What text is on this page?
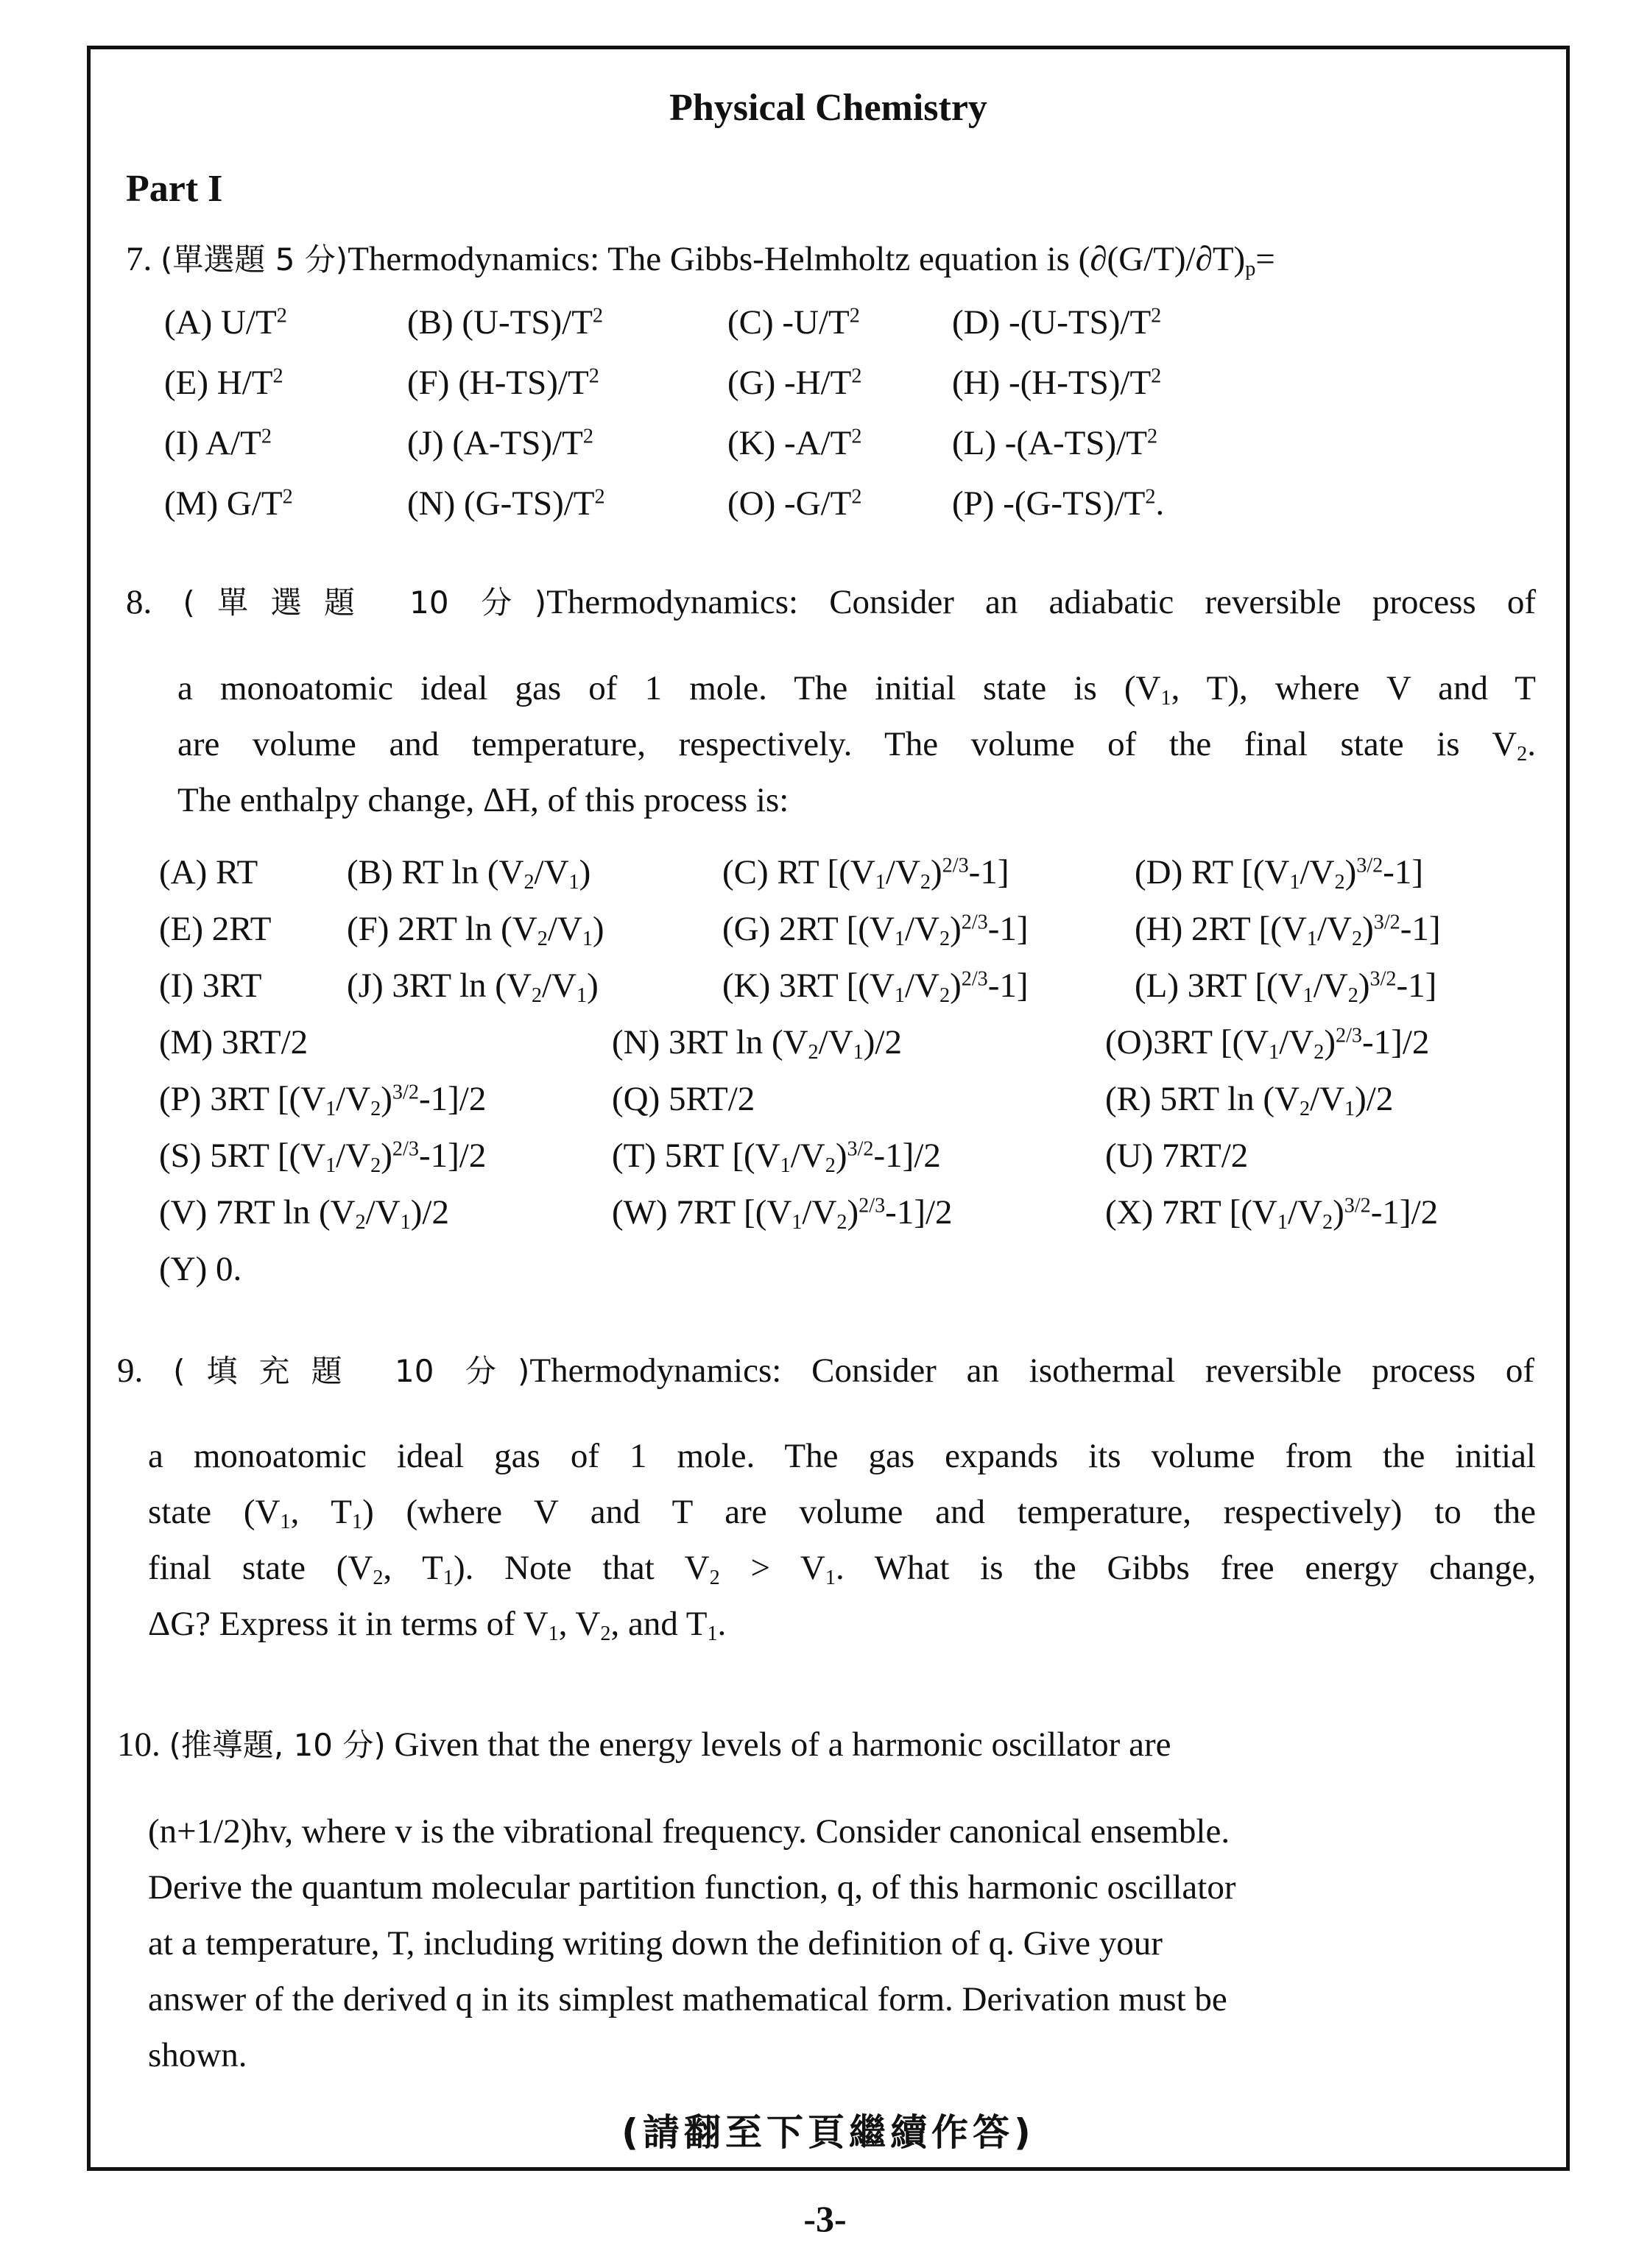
Physical Chemistry
Part I
7. (單選題 5 分)Thermodynamics: The Gibbs-Helmholtz equation is $(\partial(G/T)/\partial T)_p=$
(A) $U/T^2$	(B) $(U-TS)/T^2$	(C) $-U/T^2$	(D) $-(U-TS)/T^2$
(E) $H/T^2$	(F) $(H-TS)/T^2$	(G) $-H/T^2$	(H) $-(H-TS)/T^2$
(I) $A/T^2$	(J) $(A-TS)/T^2$	(K) $-A/T^2$	(L) $-(A-TS)/T^2$
(M) $G/T^2$	(N) $(G-TS)/T^2$	(O) $-G/T^2$	(P) $-(G-TS)/T^2$.
8. (單選題 10 分)Thermodynamics: Consider an adiabatic reversible process of
a monoatomic ideal gas of 1 mole. The initial state is ($V_1$, T), where V and T
are volume and temperature, respectively. The volume of the final state is $V_2$.
The enthalpy change, ΔH, of this process is:
(A) RT	(B) RT $\ln (V_2/V_1)$	(C) RT $[(V_1/V_2)^{2/3}-1]$	(D) RT $[(V_1/V_2)^{3/2}-1]$
(E) 2RT	(F) 2RT $\ln (V_2/V_1)$	(G) 2RT $[(V_1/V_2)^{2/3}-1]$	(H) 2RT $[(V_1/V_2)^{3/2}-1]$
(I) 3RT	(J) 3RT $\ln (V_2/V_1)$	(K) 3RT $[(V_1/V_2)^{2/3}-1]$	(L) 3RT $[(V_1/V_2)^{3/2}-1]$
(M) 3RT/2	(N) 3RT $\ln (V_2/V_1)/2$	(O)3RT $[(V_1/V_2)^{2/3}-1]/2$
(P) 3RT $[(V_1/V_2)^{3/2}-1]/2$	(Q) 5RT/2	(R) 5RT $\ln (V_2/V_1)/2$
(S) 5RT $[(V_1/V_2)^{2/3}-1]/2$	(T) 5RT $[(V_1/V_2)^{3/2}-1]/2$	(U) 7RT/2
(V) 7RT $\ln (V_2/V_1)/2$	(W) 7RT $[(V_1/V_2)^{2/3}-1]/2$	(X) 7RT $[(V_1/V_2)^{3/2}-1]/2$
(Y) 0.
9. (填充題 10 分)Thermodynamics: Consider an isothermal reversible process of
a monoatomic ideal gas of 1 mole. The gas expands its volume from the initial
state ($V_1$, $T_1$) (where V and T are volume and temperature, respectively) to the
final state ($V_2$, $T_1$). Note that $V_2 > V_1$. What is the Gibbs free energy change,
ΔG? Express it in terms of $V_1$, $V_2$, and $T_1$.
10. (推導題, 10 分) Given that the energy levels of a harmonic oscillator are
(n+1/2)hv, where v is the vibrational frequency. Consider canonical ensemble.
Derive the quantum molecular partition function, q, of this harmonic oscillator
at a temperature, T, including writing down the definition of q. Give your
answer of the derived q in its simplest mathematical form. Derivation must be
shown.
(請翻至下頁繼續作答)
-3-
